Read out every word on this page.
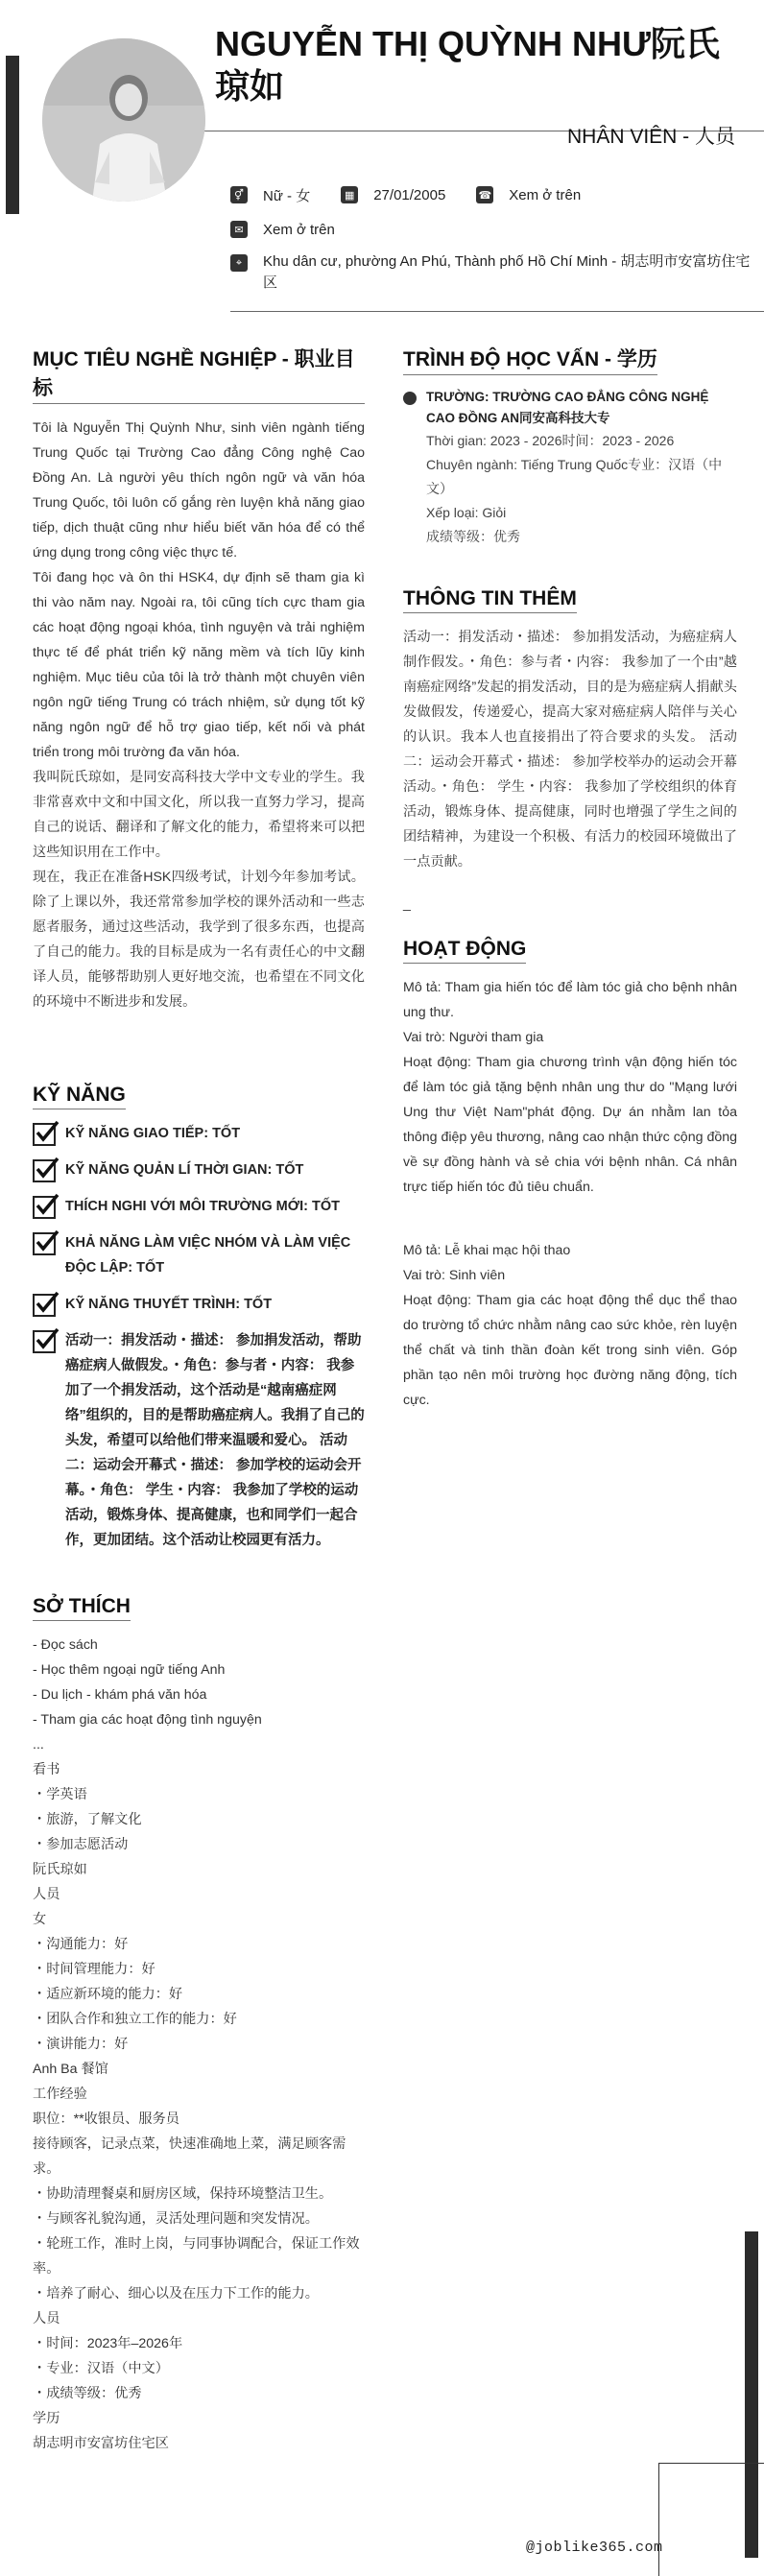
NGUYỄN THỊ QUỲNH NHƯ阮氏琼如
NHÂN VIÊN - 人员
⚥ Nữ - 女	▦ 27/01/2005	☎ Xem ở trên
✉ Xem ở trên
⌖	Khu dân cư, phường An Phú, Thành phố Hồ Chí Minh - 胡志明市安富坊住宅区
MỤC TIÊU NGHỀ NGHIỆP - 职业目标

Tôi là Nguyễn Thị Quỳnh Như, sinh viên ngành tiếng Trung Quốc tại Trường Cao đẳng Công nghệ Cao Đồng An. Là người yêu thích ngôn ngữ và văn hóa Trung Quốc, tôi luôn cố gắng rèn luyện khả năng giao tiếp, dịch thuật cũng như hiểu biết văn hóa để có thể ứng dụng trong công việc thực tế.

Tôi đang học và ôn thi HSK4, dự định sẽ tham gia kì thi vào năm nay. Ngoài ra, tôi cũng tích cực tham gia các hoạt động ngoại khóa, tình nguyện và trải nghiệm thực tế để phát triển kỹ năng mềm và tích lũy kinh nghiệm. Mục tiêu của tôi là trở thành một chuyên viên ngôn ngữ tiếng Trung có trách nhiệm, sử dụng tốt kỹ năng ngôn ngữ để hỗ trợ giao tiếp, kết nối và phát triển trong môi trường đa văn hóa.

我叫阮氏琼如，是同安高科技大学中文专业的学生。我非常喜欢中文和中国文化，所以我一直努力学习，提高自己的说话、翻译和了解文化的能力，希望将来可以把这些知识用在工作中。

现在，我正在准备HSK四级考试，计划今年参加考试。除了上课以外，我还常常参加学校的课外活动和一些志愿者服务，通过这些活动，我学到了很多东西，也提高了自己的能力。我的目标是成为一名有责任心的中文翻译人员，能够帮助别人更好地交流，也希望在不同文化的环境中不断进步和发展。

KỸ NĂNG
KỸ NĂNG GIAO TIẾP: TỐT
KỸ NĂNG QUẢN LÍ THỜI GIAN: TỐT
THÍCH NGHI VỚI MÔI TRƯỜNG MỚI: TỐT
KHẢ NĂNG LÀM VIỆC NHÓM VÀ LÀM VIỆC ĐỘC LẬP: TỐT
KỸ NĂNG THUYẾT TRÌNH: TỐT
活动一：捐发活动・描述： 参加捐发活动，帮助癌症病人做假发。・角色：参与者・内容： 我参加了一个捐发活动，这个活动是“越南癌症网络”组织的，目的是帮助癌症病人。我捐了自己的头发，希望可以给他们带来温暖和爱心。 活动二：运动会开幕式・描述： 参加学校的运动会开幕。・角色： 学生・内容： 我参加了学校的运动活动，锻炼身体、提高健康，也和同学们一起合作，更加团结。这个活动让校园更有活力。
SỞ THÍCH

- Đọc sách

- Học thêm ngoại ngữ tiếng Anh

- Du lịch - khám phá văn hóa

- Tham gia các hoạt động tình nguyện

...

看书

・学英语

・旅游，了解文化

・参加志愿活动

阮氏琼如

人员

女

・沟通能力：好

・时间管理能力：好

・适应新环境的能力：好

・团队合作和独立工作的能力：好

・演讲能力：好

Anh Ba 餐馆

工作经验

职位：**收银员、服务员

接待顾客，记录点菜，快速准确地上菜，满足顾客需求。

・协助清理餐桌和厨房区域，保持环境整洁卫生。

・与顾客礼貌沟通，灵活处理问题和突发情况。

・轮班工作，准时上岗，与同事协调配合，保证工作效率。

・培养了耐心、细心以及在压力下工作的能力。

人员

・时间：2023年–2026年

・专业：汉语（中文）

・成绩等级：优秀

学历

胡志明市安富坊住宅区

TRÌNH ĐỘ HỌC VẤN - 学历
TRƯỜNG: TRƯỜNG CAO ĐẲNG CÔNG NGHỆ CAO ĐỒNG AN同安高科技大专
Thời gian: 2023 - 2026时间：2023 - 2026
Chuyên ngành: Tiếng Trung Quốc专业：汉语（中文）
Xếp loại: Giỏi
成绩等级：优秀
THÔNG TIN THÊM

活动一：捐发活动・描述： 参加捐发活动，为癌症病人制作假发。・角色：参与者・内容： 我参加了一个由”越南癌症网络”发起的捐发活动，目的是为癌症病人捐献头发做假发，传递爱心，提高大家对癌症病人陪伴与关心的认识。我本人也直接捐出了符合要求的头发。 活动二：运动会开幕式・描述： 参加学校举办的运动会开幕活动。・角色： 学生・内容： 我参加了学校组织的体育活动，锻炼身体、提高健康，同时也增强了学生之间的团结精神，为建设一个积极、有活力的校园环境做出了一点贡献。

_

HOẠT ĐỘNG

Mô tả: Tham gia hiến tóc để làm tóc giả cho bệnh nhân ung thư.

Vai trò: Người tham gia

Hoạt động: Tham gia chương trình vận động hiến tóc để làm tóc giả tặng bệnh nhân ung thư do "Mạng lưới Ung thư Việt Nam"phát động. Dự án nhằm lan tỏa thông điệp yêu thương, nâng cao nhận thức cộng đồng về sự đồng hành và sẻ chia với bệnh nhân. Cá nhân trực tiếp hiến tóc đủ tiêu chuẩn.

Mô tả: Lễ khai mạc hội thao

Vai trò: Sinh viên

Hoạt động: Tham gia các hoạt động thể dục thể thao do trường tổ chức nhằm nâng cao sức khỏe, rèn luyện thể chất và tinh thần đoàn kết trong sinh viên. Góp phần tạo nên môi trường học đường năng động, tích cực.

@joblike365.com
